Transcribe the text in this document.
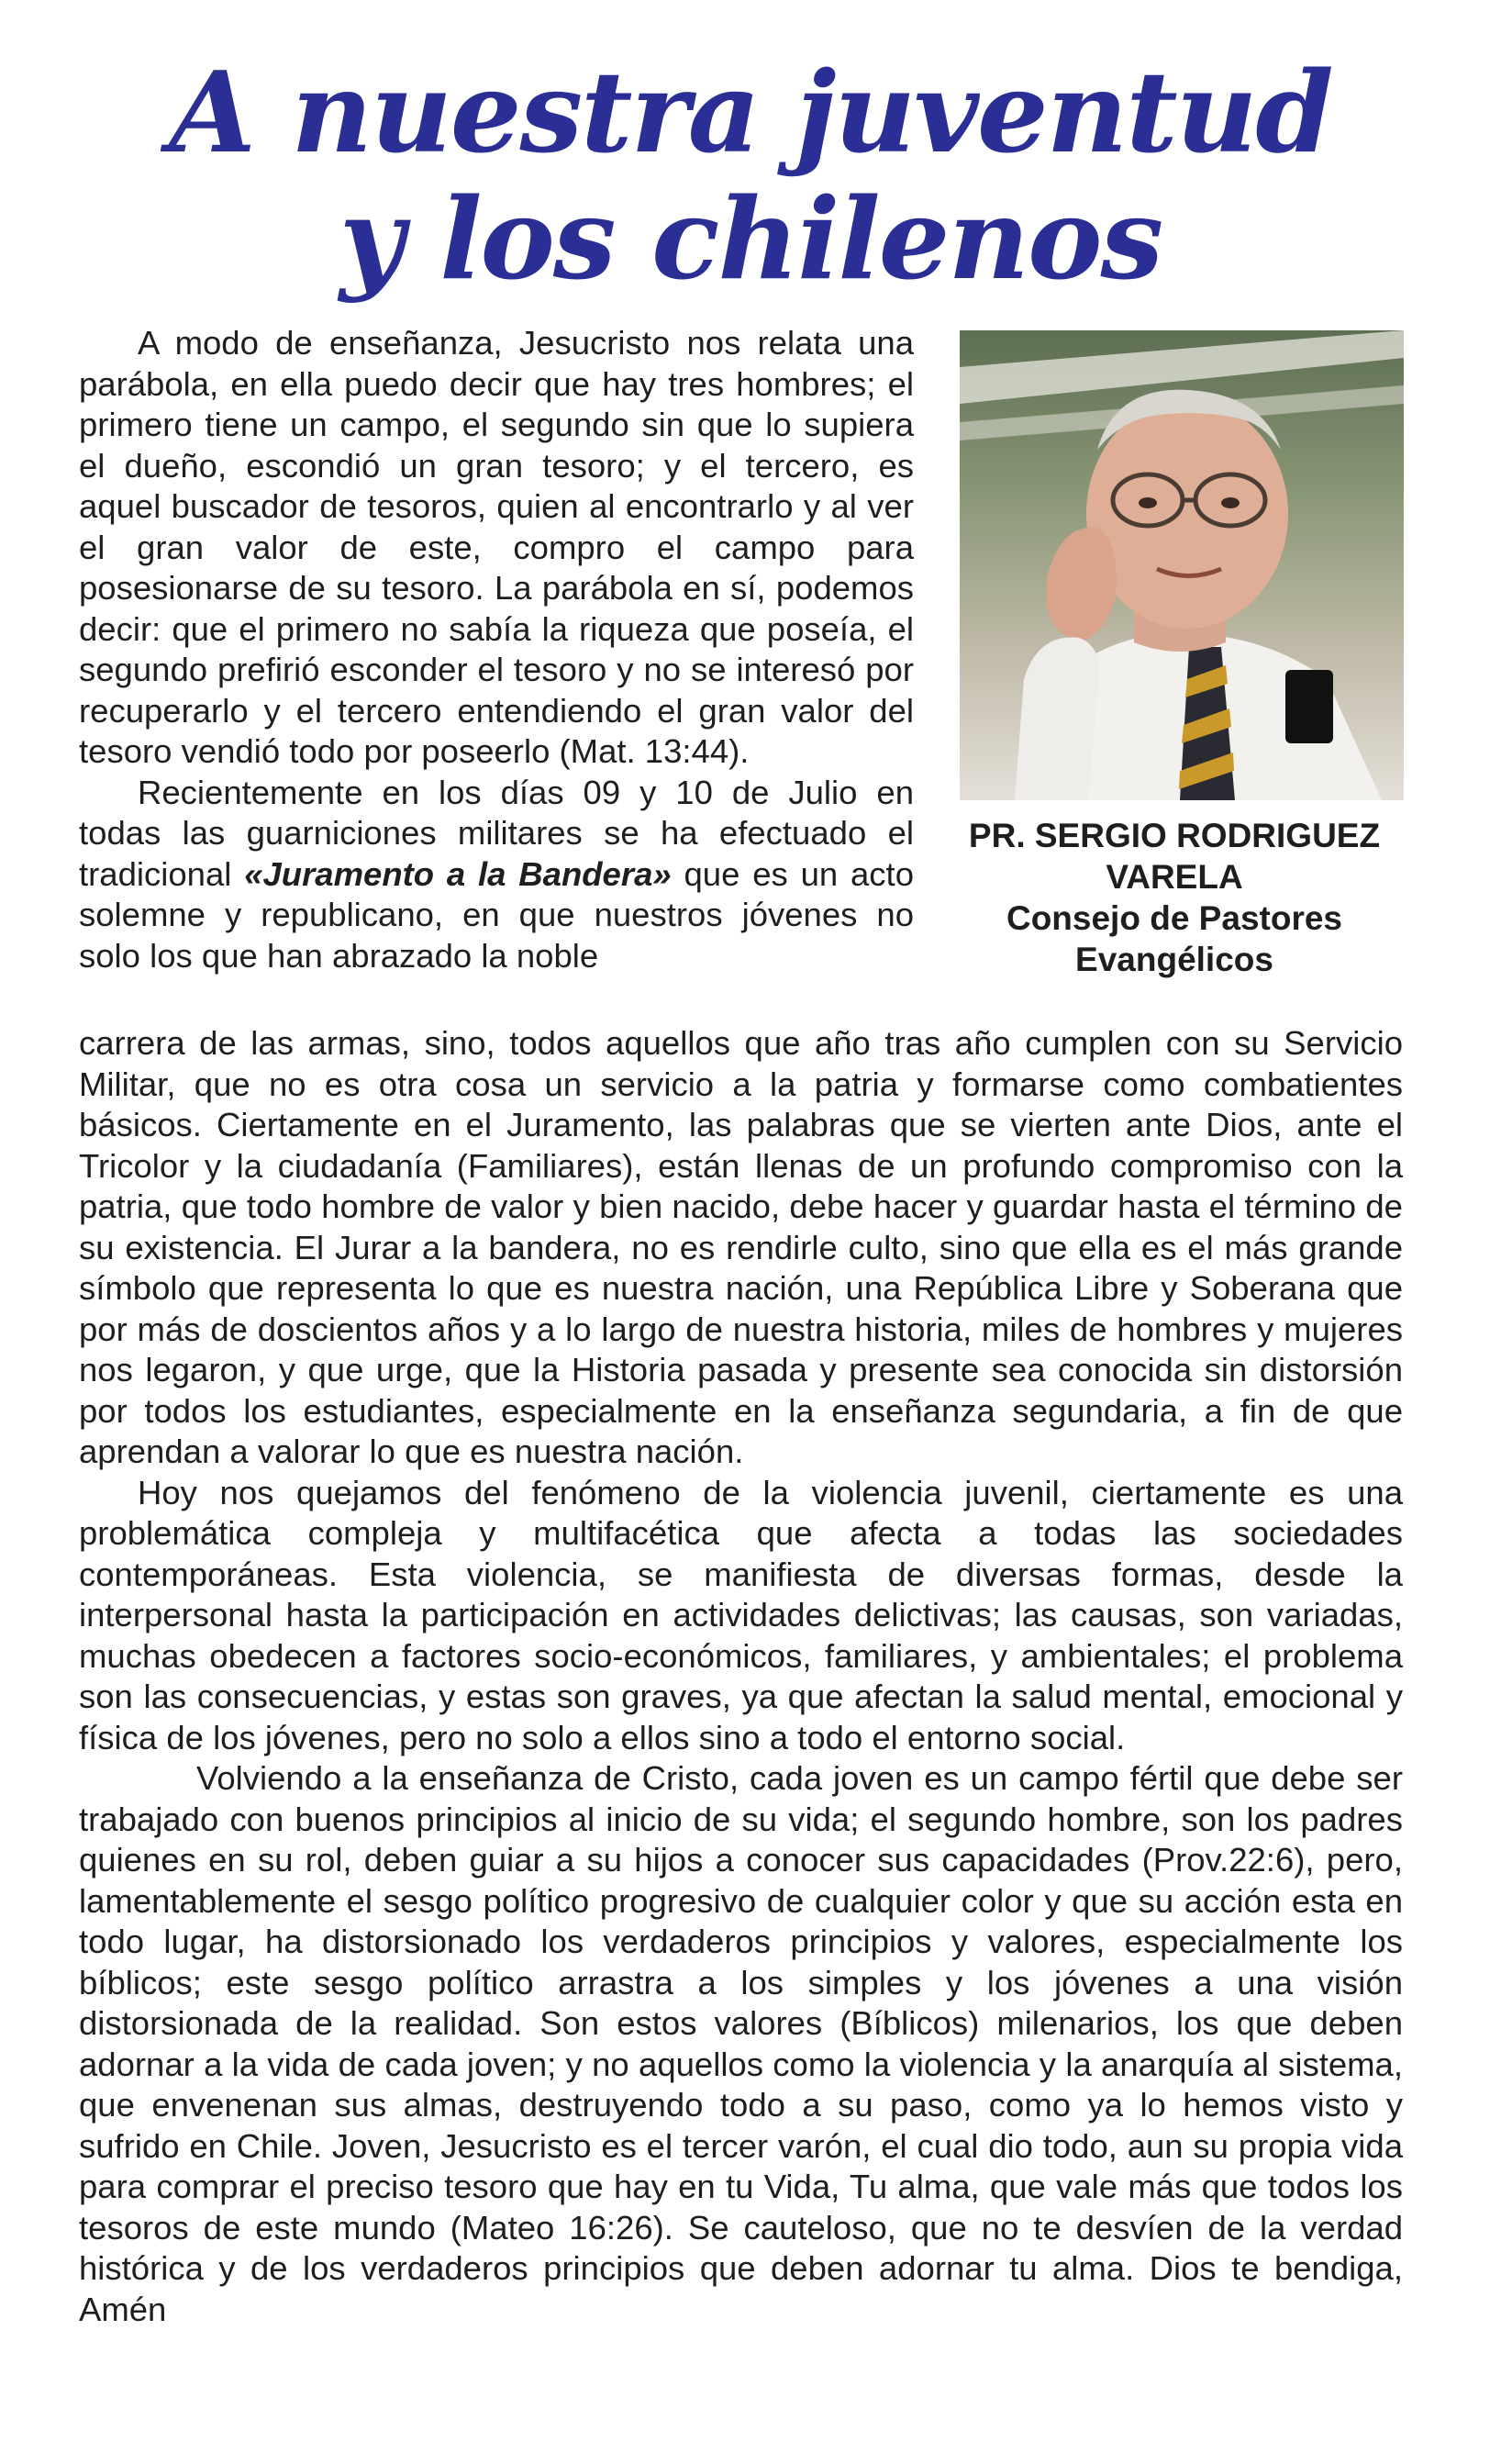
A nuestra juventud
y los chilenos

A modo de enseñanza, Jesucristo nos relata una parábola, en ella puedo decir que hay tres hombres; el primero tiene un campo, el segundo sin que lo supiera el dueño, escondió un gran tesoro; y el tercero, es aquel buscador de tesoros, quien al encontrarlo y al ver el gran valor de este, compro el campo para posesionarse de su tesoro. La parábola en sí, podemos decir: que el primero no sabía la riqueza que poseía, el segundo prefirió esconder el tesoro y no se interesó por recuperarlo y el tercero entendiendo el gran valor del tesoro vendió todo por poseerlo (Mat. 13:44).

Recientemente en los días 09 y 10 de Julio en todas las guarniciones militares se ha efectuado el tradicional «Juramento a la Bandera» que es un acto solemne y republicano, en que nuestros jóvenes no solo los que han abrazado la noble

PR. SERGIO RODRIGUEZ
VARELA
Consejo de Pastores
Evangélicos

carrera de las armas, sino, todos aquellos que año tras año cumplen con su Servicio Militar, que no es otra cosa un servicio a la patria y formarse como combatientes básicos. Ciertamente en el Juramento, las palabras que se vierten ante Dios, ante el Tricolor y la ciudadanía (Familiares), están llenas de un profundo compromiso con la patria, que todo hombre de valor y bien nacido, debe hacer y guardar hasta el término de su existencia. El Jurar a la bandera, no es rendirle culto, sino que ella es el más grande símbolo que representa lo que es nuestra nación, una República Libre y Soberana que por más de doscientos años y a lo largo de nuestra historia, miles de hombres y mujeres nos legaron, y que urge, que la Historia pasada y presente sea conocida sin distorsión por todos los estudiantes, especialmente en la enseñanza segundaria, a fin de que aprendan a valorar lo que es nuestra nación.

Hoy nos quejamos del fenómeno de la violencia juvenil, ciertamente es una problemática compleja y multifacética que afecta a todas las sociedades contemporáneas. Esta violencia, se manifiesta de diversas formas, desde la interpersonal hasta la participación en actividades delictivas; las causas, son variadas, muchas obedecen a factores socio-económicos, familiares, y ambientales; el problema son las consecuencias, y estas son graves, ya que afectan la salud mental, emocional y física de los jóvenes, pero no solo a ellos sino a todo el entorno social.

Volviendo a la enseñanza de Cristo, cada joven es un campo fértil que debe ser trabajado con buenos principios al inicio de su vida; el segundo hombre, son los padres quienes en su rol, deben guiar a su hijos a conocer sus capacidades (Prov.22:6), pero, lamentablemente el sesgo político progresivo de cualquier color y que su acción esta en todo lugar, ha distorsionado los verdaderos principios y valores, especialmente los bíblicos; este sesgo político arrastra a los simples y los jóvenes a una visión distorsionada de la realidad. Son estos valores (Bíblicos) milenarios, los que deben adornar a la vida de cada joven; y no aquellos como la violencia y la anarquía al sistema, que envenenan sus almas, destruyendo todo a su paso, como ya lo hemos visto y sufrido en Chile. Joven, Jesucristo es el tercer varón, el cual dio todo, aun su propia vida para comprar el preciso tesoro que hay en tu Vida, Tu alma, que vale más que todos los tesoros de este mundo (Mateo 16:26). Se cauteloso, que no te desvíen de la verdad histórica y de los verdaderos principios que deben adornar tu alma. Dios te bendiga, Amén
